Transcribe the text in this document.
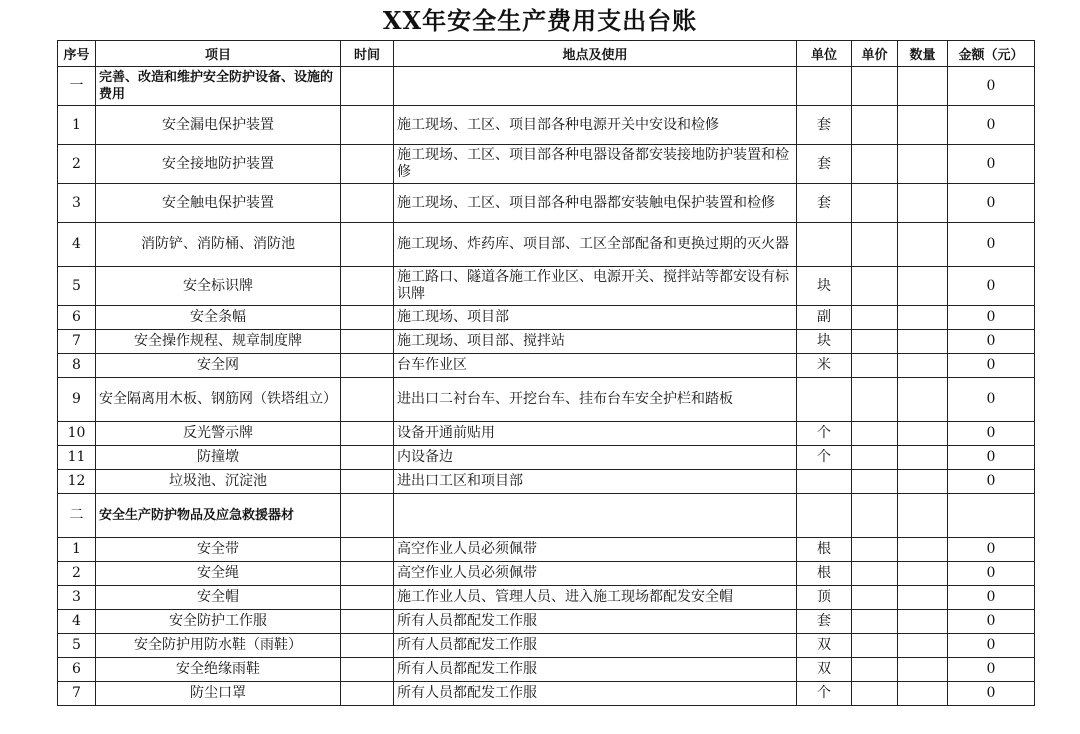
XX年安全生产费用支出台账
序号	项目	时间	地点及使用	单位	单价	数量	金额（元）
一	完善、改造和维护安全防护设备、设施的费用						0
1	安全漏电保护装置		施工现场、工区、项目部各种电源开关中安设和检修	套			0
2	安全接地防护装置		施工现场、工区、项目部各种电器设备都安装接地防护装置和检修	套			0
3	安全触电保护装置		施工现场、工区、项目部各种电器都安装触电保护装置和检修	套			0
4	消防铲、消防桶、消防池		施工现场、炸药库、项目部、工区全部配备和更换过期的灭火器				0
5	安全标识牌		施工路口、隧道各施工作业区、电源开关、搅拌站等都安设有标识牌	块			0
6	安全条幅		施工现场、项目部	副			0
7	安全操作规程、规章制度牌		施工现场、项目部、搅拌站	块			0
8	安全网		台车作业区	米			0
9	安全隔离用木板、钢筋网（铁塔组立）		进出口二衬台车、开挖台车、挂布台车安全护栏和踏板				0
10	反光警示牌		设备开通前贴用	个			0
11	防撞墩		内设备边	个			0
12	垃圾池、沉淀池		进出口工区和项目部				0
二	安全生产防护物品及应急救援器材						
1	安全带		高空作业人员必须佩带	根			0
2	安全绳		高空作业人员必须佩带	根			0
3	安全帽		施工作业人员、管理人员、进入施工现场都配发安全帽	顶			0
4	安全防护工作服		所有人员都配发工作服	套			0
5	安全防护用防水鞋（雨鞋）		所有人员都配发工作服	双			0
6	安全绝缘雨鞋		所有人员都配发工作服	双			0
7	防尘口罩		所有人员都配发工作服	个			0
